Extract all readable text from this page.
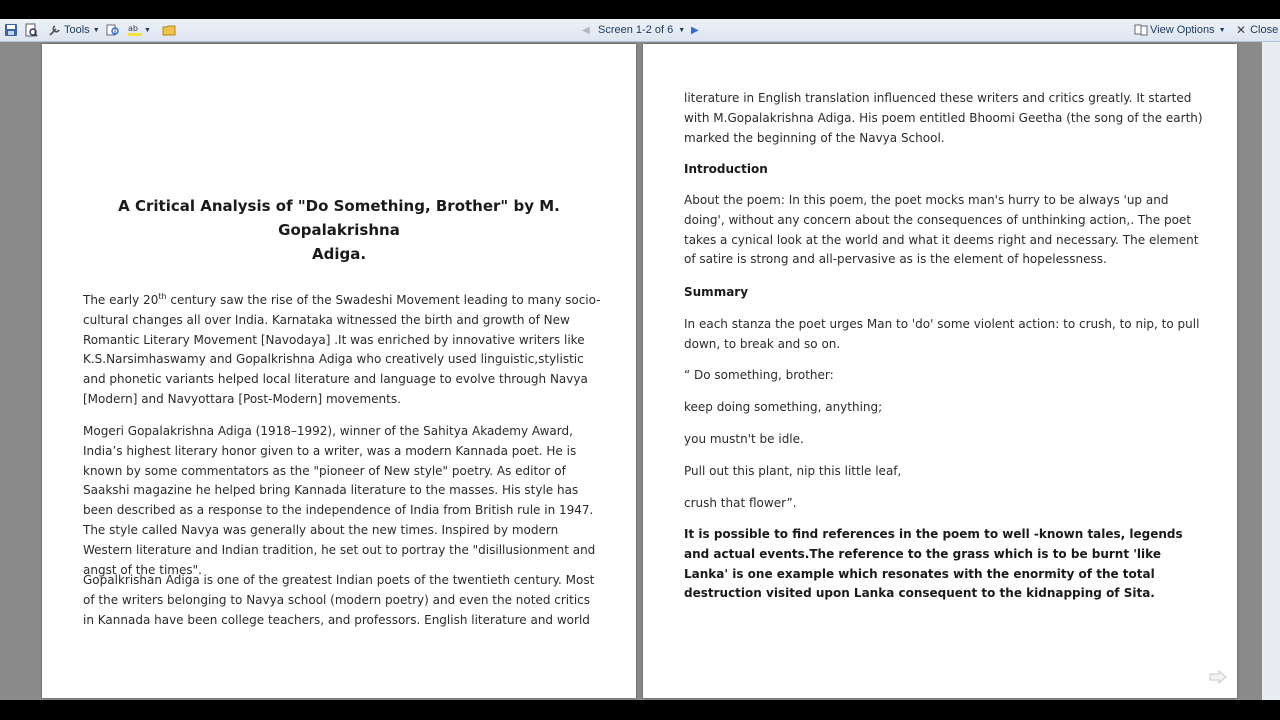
Tools ▼	ab ▼	◀ Screen 1-2 of 6 ▼ ▶	View Options ▼ ✕ Close
A Critical Analysis of "Do Something, Brother" by M. Gopalakrishna
Adiga.

The early 20th century saw the rise of the Swadeshi Movement leading to many socio-cultural changes all over India. Karnataka witnessed the birth and growth of New Romantic Literary Movement [Navodaya] .It was enriched by innovative writers like K.S.Narsimhaswamy and Gopalkrishna Adiga who creatively used linguistic,stylistic and phonetic variants helped local literature and language to evolve through Navya [Modern] and Navyottara [Post-Modern] movements.

Mogeri Gopalakrishna Adiga (1918–1992), winner of the Sahitya Akademy Award, India’s highest literary honor given to a writer, was a modern Kannada poet. He is known by some commentators as the "pioneer of New style" poetry. As editor of Saakshi magazine he helped bring Kannada literature to the masses. His style has been described as a response to the independence of India from British rule in 1947. The style called Navya was generally about the new times. Inspired by modern Western literature and Indian tradition, he set out to portray the "disillusionment and angst of the times".

Gopalkrishan Adiga is one of the greatest Indian poets of the twentieth century. Most of the writers belonging to Navya school (modern poetry) and even the noted critics in Kannada have been college teachers, and professors. English literature and world

literature in English translation influenced these writers and critics greatly. It started with M.Gopalakrishna Adiga. His poem entitled Bhoomi Geetha (the song of the earth) marked the beginning of the Navya School.

Introduction

About the poem: In this poem, the poet mocks man's hurry to be always 'up and doing', without any concern about the consequences of unthinking action,. The poet takes a cynical look at the world and what it deems right and necessary. The element of satire is strong and all-pervasive as is the element of hopelessness.

Summary

In each stanza the poet urges Man to 'do' some violent action: to crush, to nip, to pull down, to break and so on.

“ Do something, brother:

keep doing something, anything;

you mustn't be idle.

Pull out this plant, nip this little leaf,

crush that flower”.

It is possible to find references in the poem to well -known tales, legends and actual events.The reference to the grass which is to be burnt 'like Lanka' is one example which resonates with the enormity of the total destruction visited upon Lanka consequent to the kidnapping of Sita.
